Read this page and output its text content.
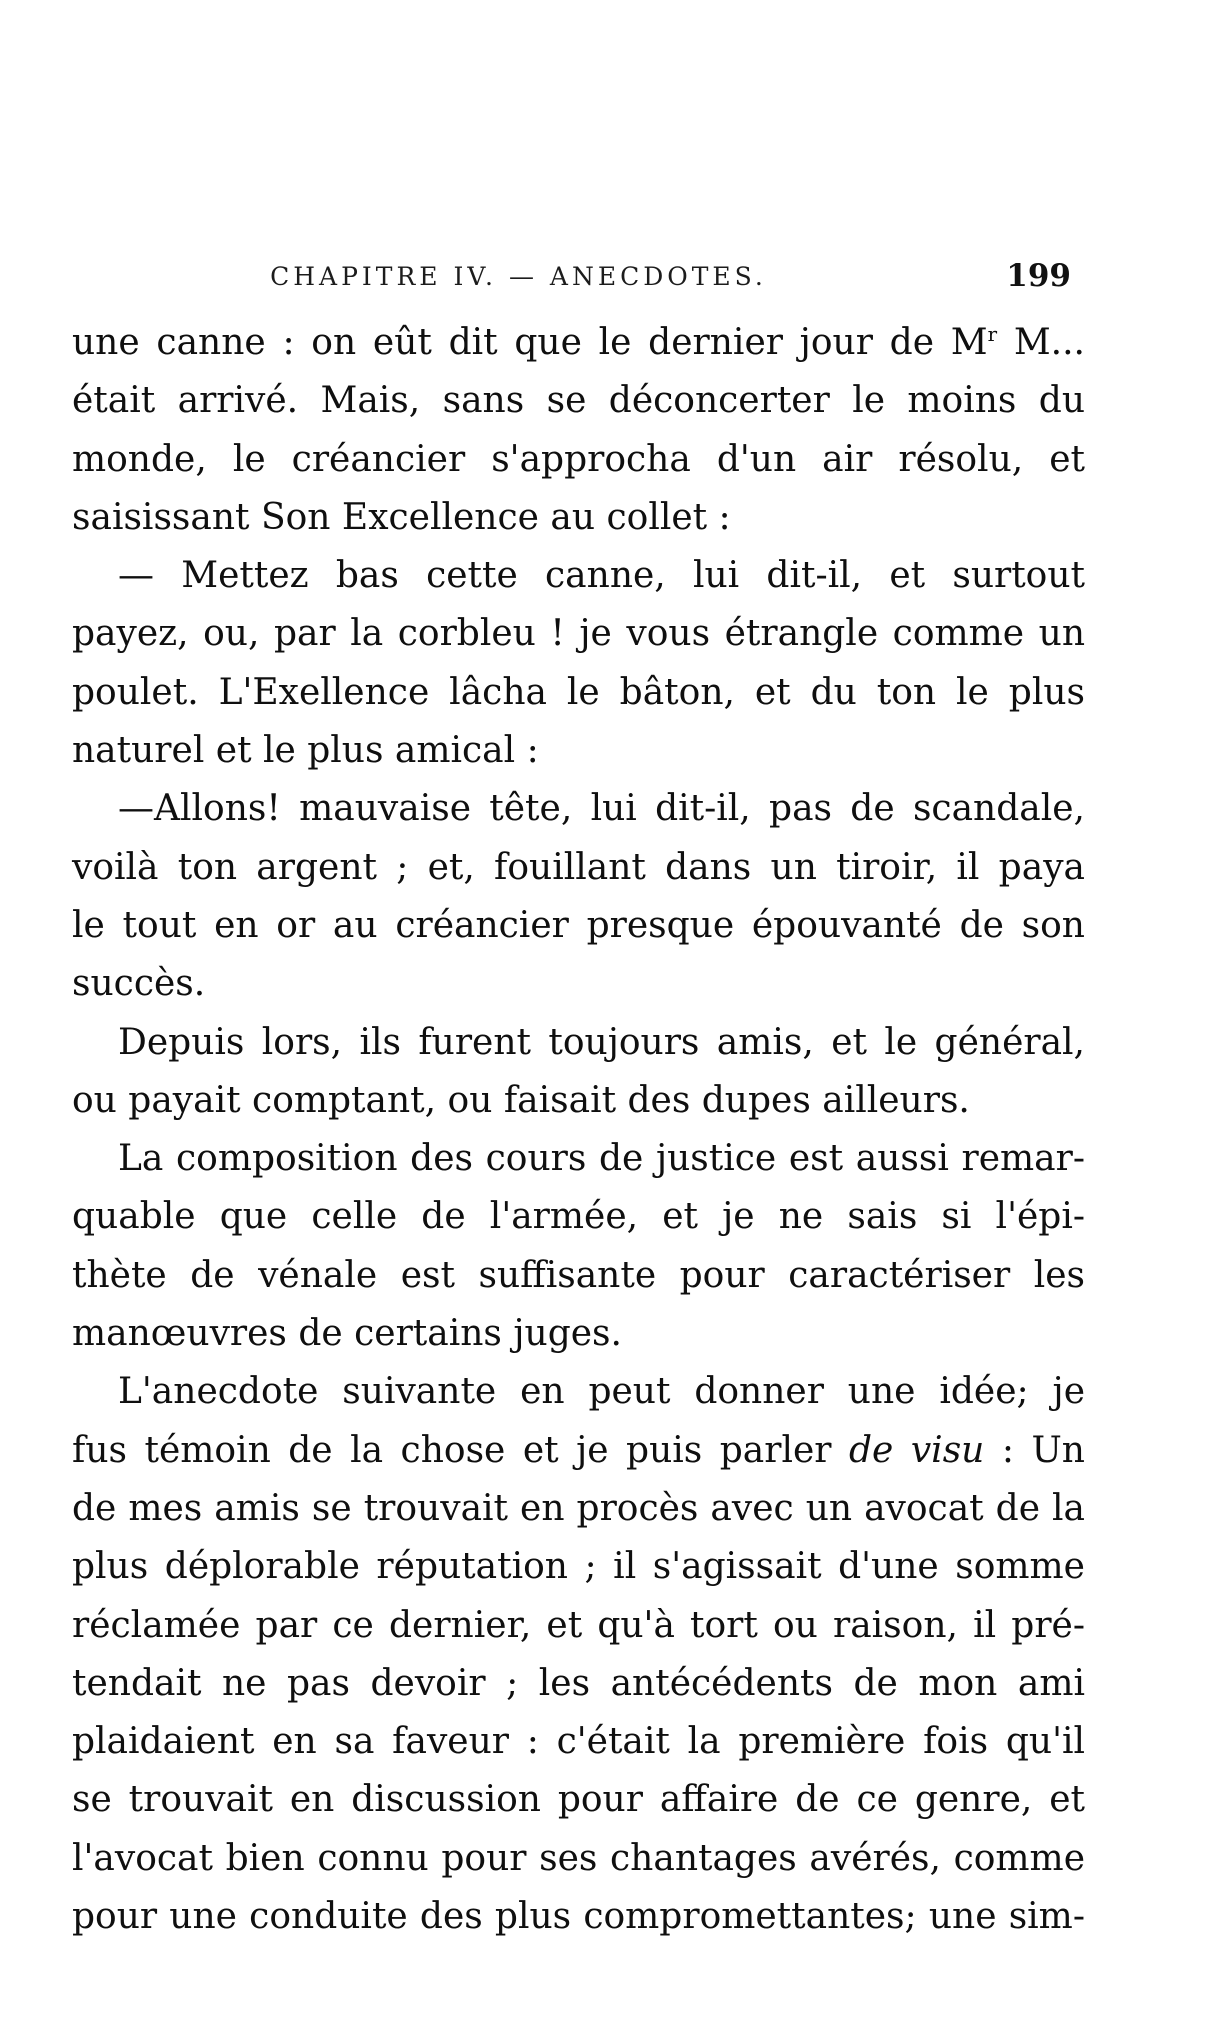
CHAPITRE IV. — ANECDOTES.	199
une canne : on eût dit que le dernier jour de $M^r$ M...
était arrivé. Mais, sans se déconcerter le moins du
monde, le créancier s'approcha d'un air résolu, et
saisissant Son Excellence au collet :
— Mettez bas cette canne, lui dit-il, et surtout
payez, ou, par la corbleu ! je vous étrangle comme un
poulet. L'Exellence lâcha le bâton, et du ton le plus
naturel et le plus amical :
—Allons! mauvaise tête, lui dit-il, pas de scandale,
voilà ton argent ; et, fouillant dans un tiroir, il paya
le tout en or au créancier presque épouvanté de son
succès.
Depuis lors, ils furent toujours amis, et le général,
ou payait comptant, ou faisait des dupes ailleurs.
La composition des cours de justice est aussi remar-
quable que celle de l'armée, et je ne sais si l'épi-
thète de vénale est suffisante pour caractériser les
manœuvres de certains juges.
L'anecdote suivante en peut donner une idée; je
fus témoin de la chose et je puis parler de visu : Un
de mes amis se trouvait en procès avec un avocat de la
plus déplorable réputation ; il s'agissait d'une somme
réclamée par ce dernier, et qu'à tort ou raison, il pré-
tendait ne pas devoir ; les antécédents de mon ami
plaidaient en sa faveur : c'était la première fois qu'il
se trouvait en discussion pour affaire de ce genre, et
l'avocat bien connu pour ses chantages avérés, comme
pour une conduite des plus compromettantes; une sim-
